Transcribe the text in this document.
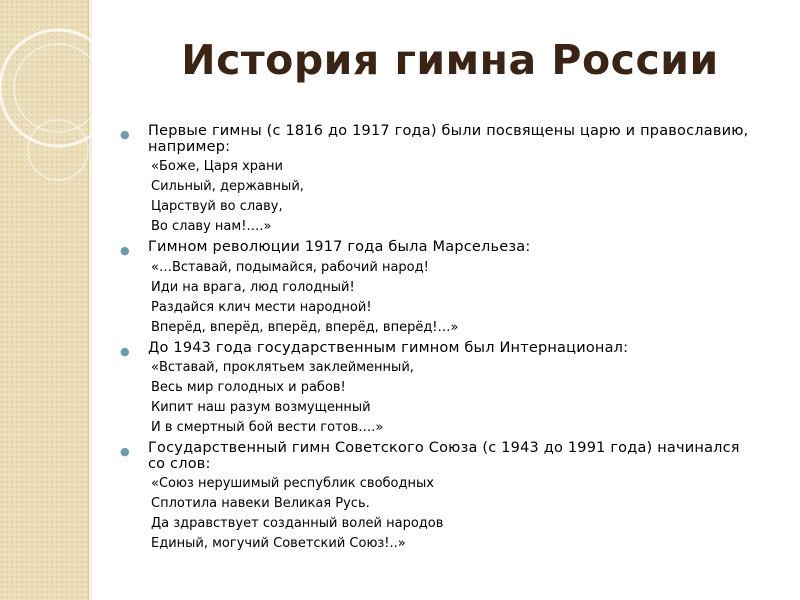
История гимна России
● Первые гимны (с 1816 до 1917 года) были посвящены царю и православию, например:

«Боже, Царя храни
Сильный, державный,
Царствуй во славу,
Во славу нам!….»
● Гимном революции 1917 года была Марсельеза:

«…Вставай, подымайся, рабочий народ!
Иди на врага, люд голодный!
Раздайся клич мести народной!
Вперёд, вперёд, вперёд, вперёд, вперёд!…»
● До 1943 года государственным гимном был Интернационал:

«Вставай, проклятьем заклейменный,
Весь мир голодных и рабов!
Кипит наш разум возмущенный
И в смертный бой вести готов….»
● Государственный гимн Советского Союза (с 1943 до 1991 года) начинался со слов:

«Союз нерушимый республик свободных
Сплотила навеки Великая Русь.
Да здравствует созданный волей народов
Единый, могучий Советский Союз!..»
